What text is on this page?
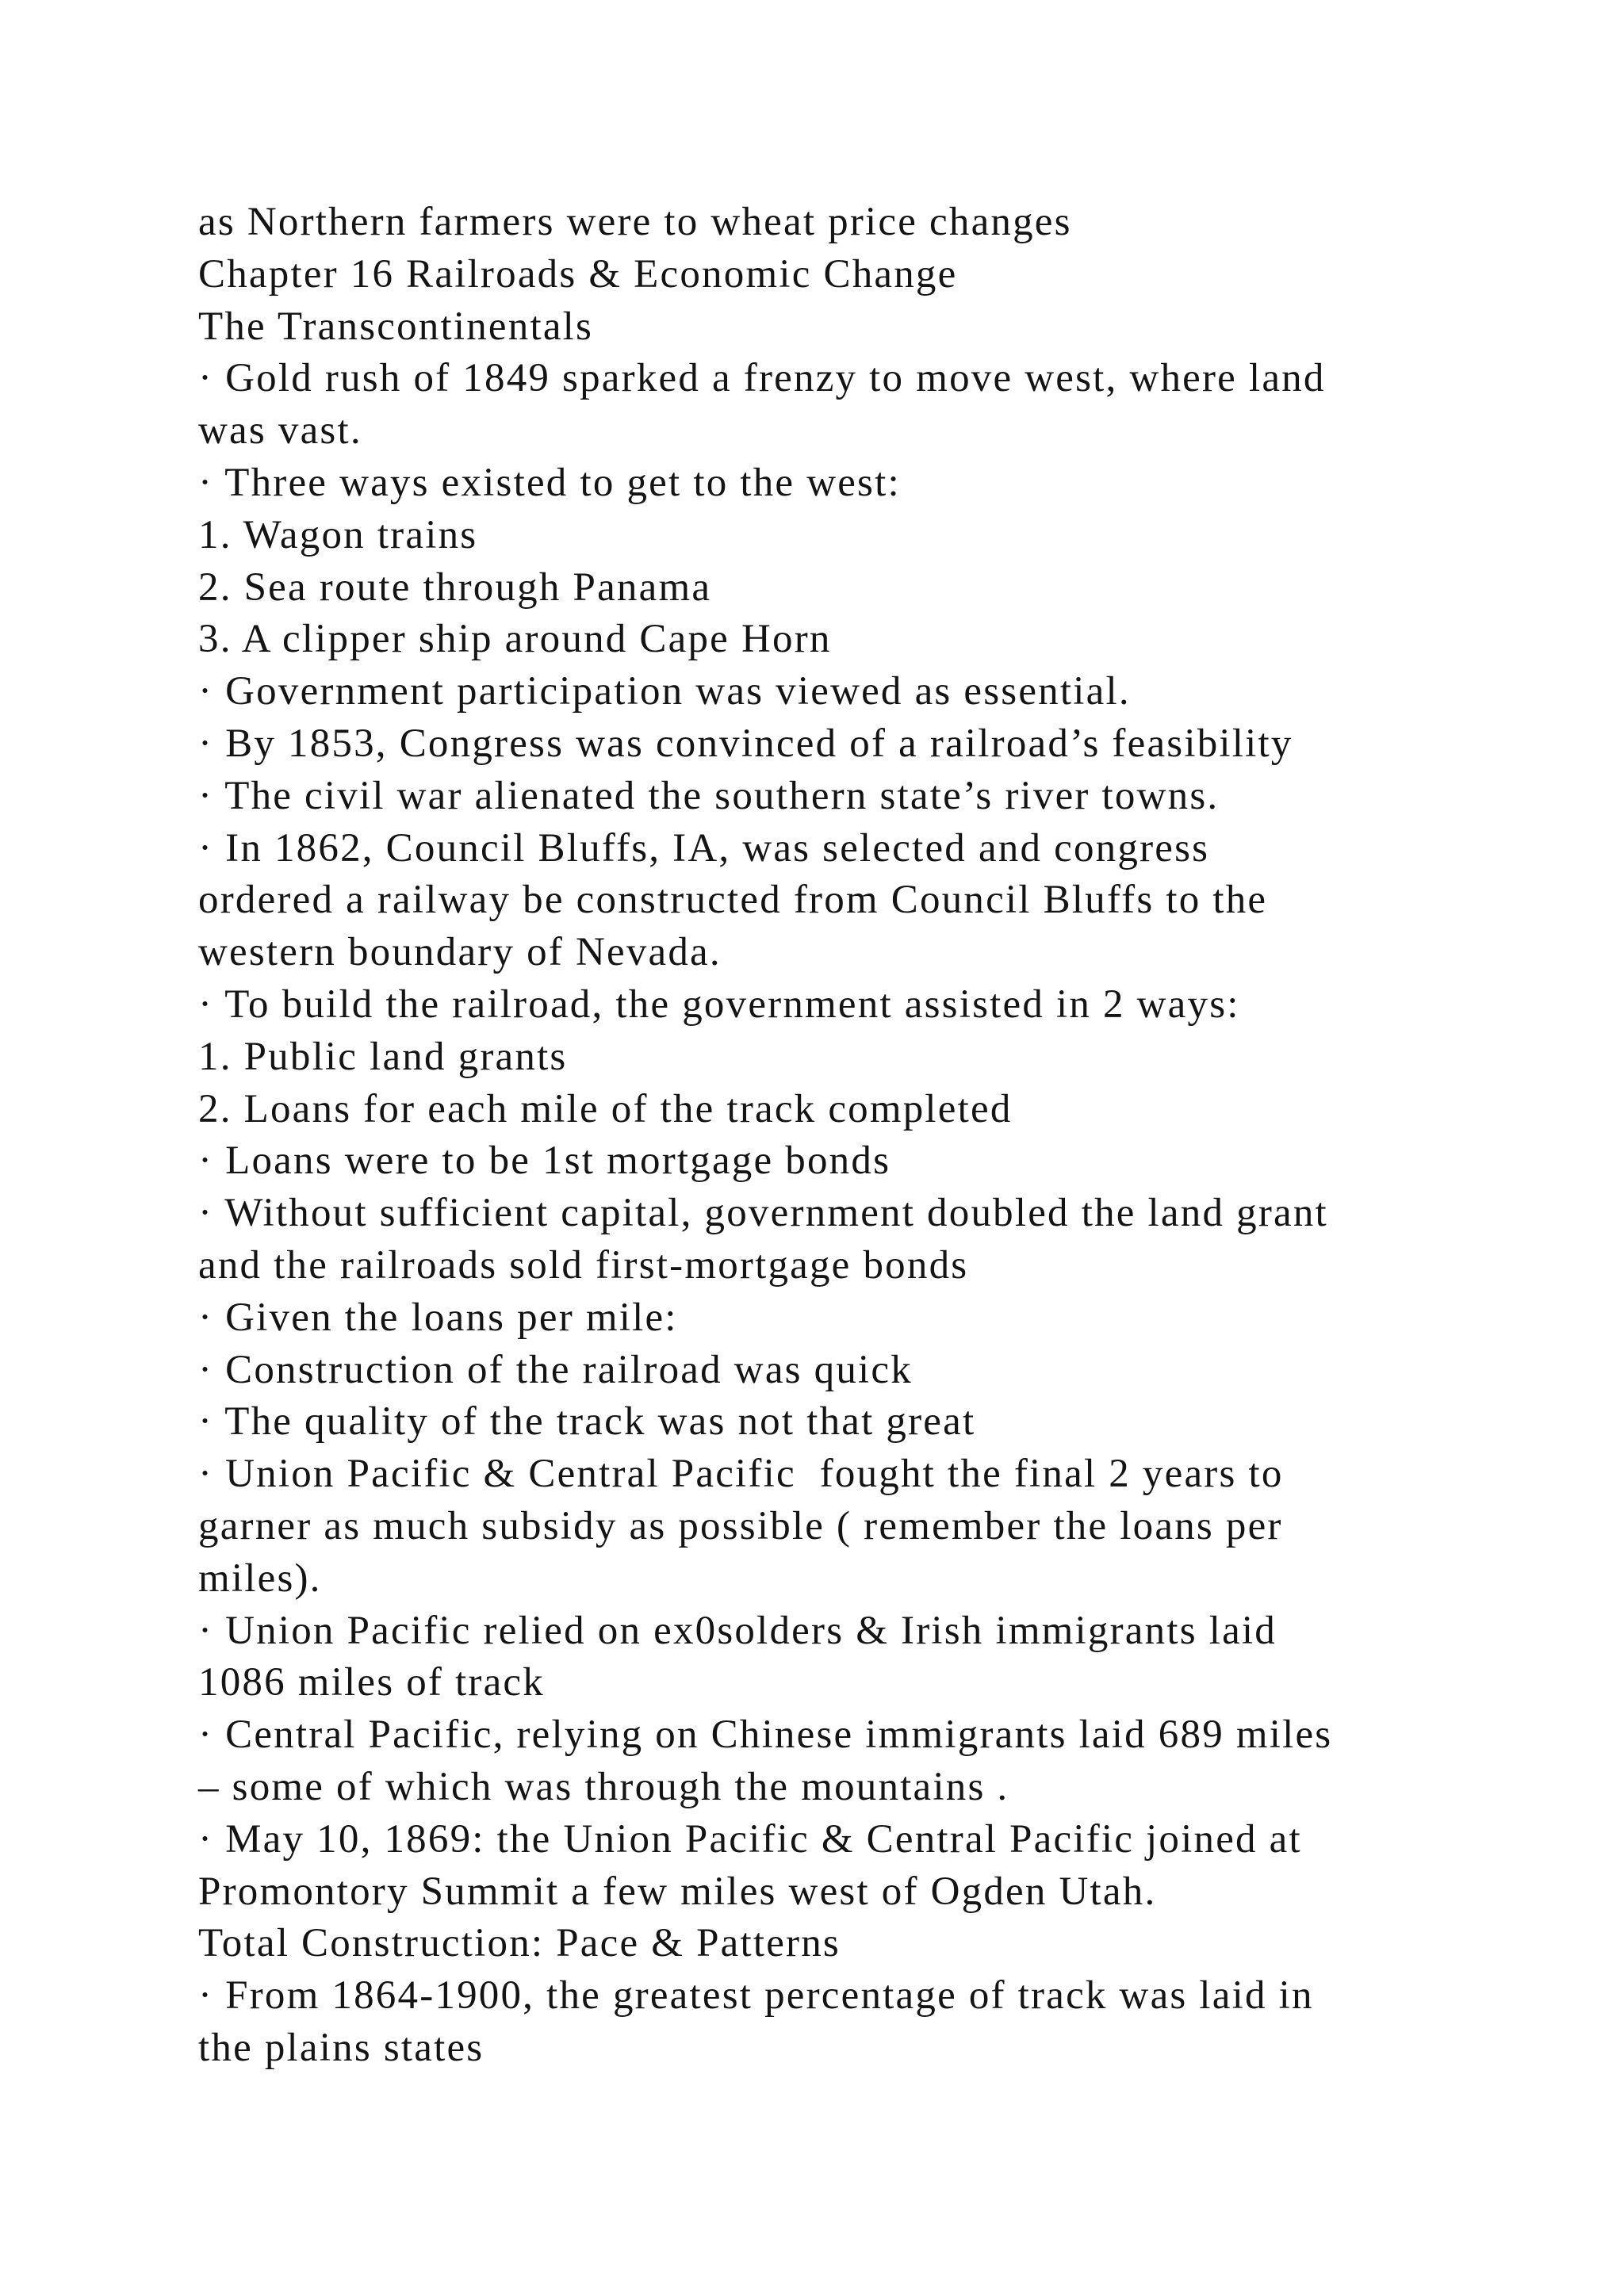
as Northern farmers were to wheat price changes
Chapter 16 Railroads & Economic Change
The Transcontinentals
· Gold rush of 1849 sparked a frenzy to move west, where land
was vast.
· Three ways existed to get to the west:
1. Wagon trains
2. Sea route through Panama
3. A clipper ship around Cape Horn
· Government participation was viewed as essential.
· By 1853, Congress was convinced of a railroad’s feasibility
· The civil war alienated the southern state’s river towns.
· In 1862, Council Bluffs, IA, was selected and congress
ordered a railway be constructed from Council Bluffs to the
western boundary of Nevada.
· To build the railroad, the government assisted in 2 ways:
1. Public land grants
2. Loans for each mile of the track completed
· Loans were to be 1st mortgage bonds
· Without sufficient capital, government doubled the land grant
and the railroads sold first-mortgage bonds
· Given the loans per mile:
· Construction of the railroad was quick
· The quality of the track was not that great
· Union Pacific & Central Pacific  fought the final 2 years to
garner as much subsidy as possible ( remember the loans per
miles).
· Union Pacific relied on ex0solders & Irish immigrants laid
1086 miles of track
· Central Pacific, relying on Chinese immigrants laid 689 miles
– some of which was through the mountains .
· May 10, 1869: the Union Pacific & Central Pacific joined at
Promontory Summit a few miles west of Ogden Utah.
Total Construction: Pace & Patterns
· From 1864-1900, the greatest percentage of track was laid in
the plains states
